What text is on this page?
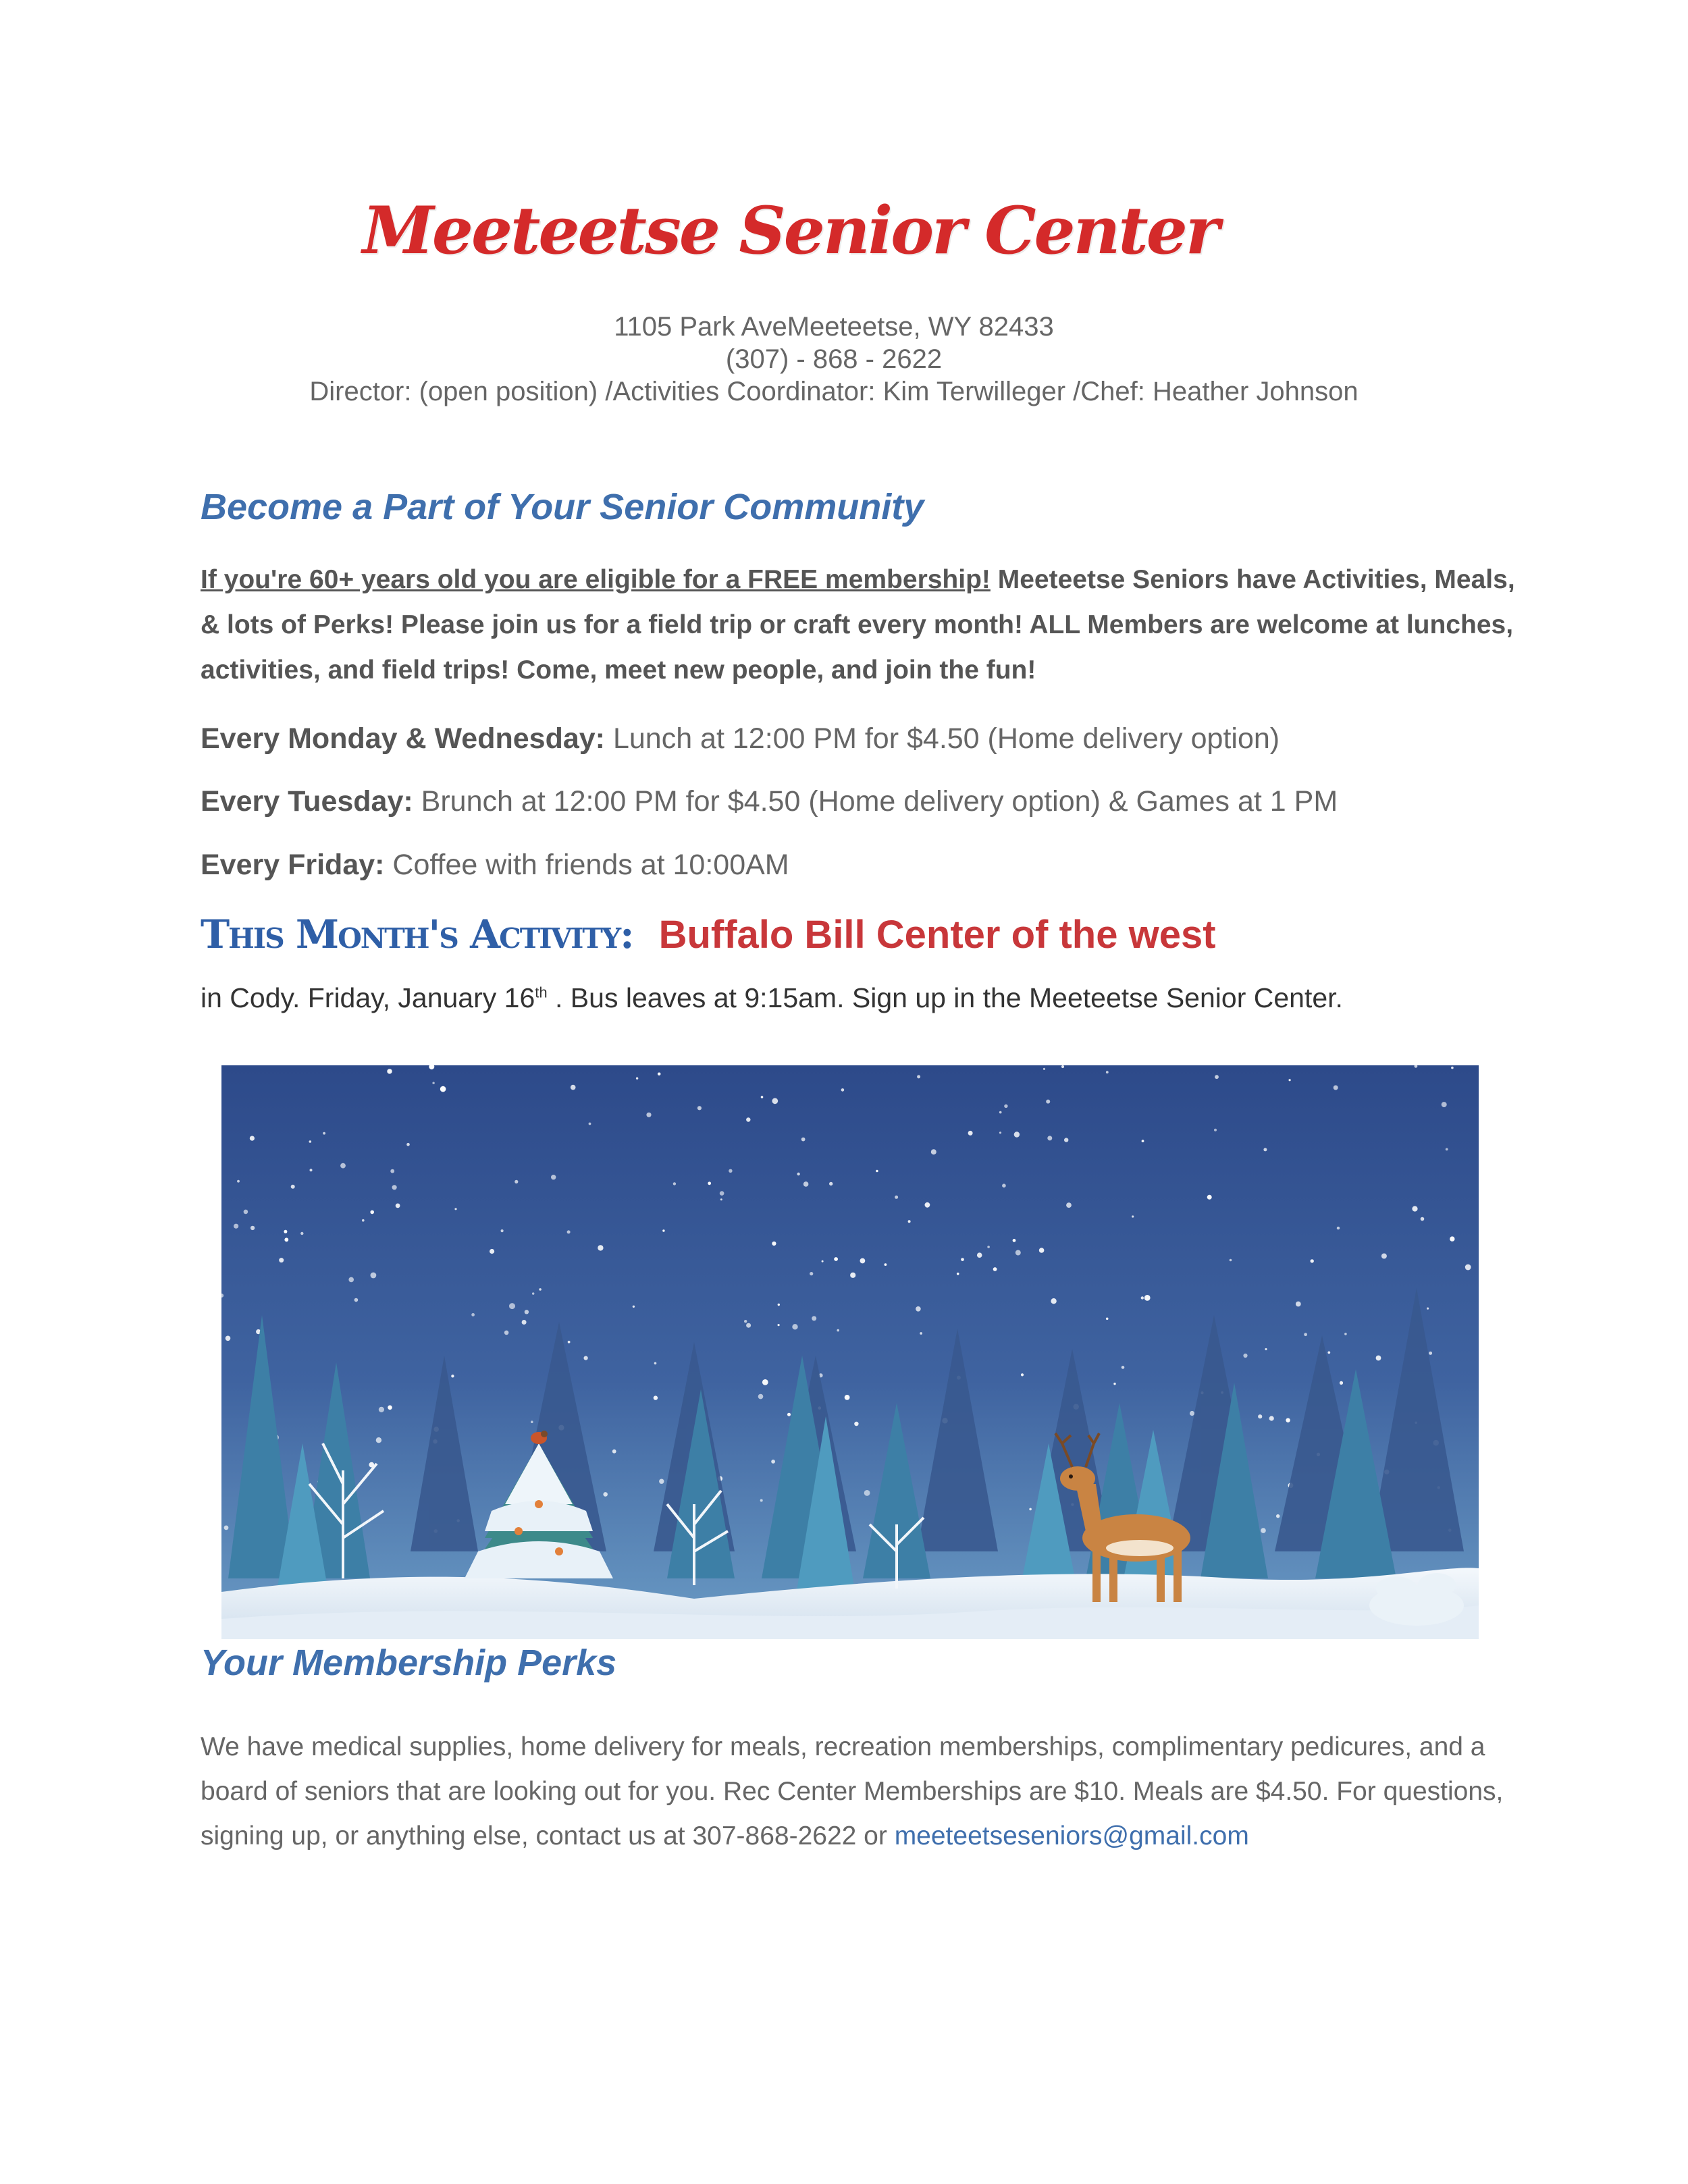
Meeteetse Senior Center
1105 Park AveMeeteetse, WY 82433
(307) - 868 - 2622
Director: (open position) /Activities Coordinator: Kim Terwilleger /Chef: Heather Johnson
Become a Part of Your Senior Community
If you're 60+ years old you are eligible for a FREE membership! Meeteetse Seniors have Activities, Meals, & lots of Perks! Please join us for a field trip or craft every month! ALL Members are welcome at lunches, activities, and field trips! Come, meet new people, and join the fun!
Every Monday & Wednesday: Lunch at 12:00 PM for $4.50 (Home delivery option)
Every Tuesday: Brunch at 12:00 PM for $4.50 (Home delivery option) & Games at 1 PM
Every Friday: Coffee with friends at 10:00AM
This Month's Activity: Buffalo Bill Center of the west
in Cody. Friday, January 16th . Bus leaves at 9:15am. Sign up in the Meeteetse Senior Center.
Your Membership Perks
We have medical supplies, home delivery for meals, recreation memberships, complimentary pedicures, and a board of seniors that are looking out for you. Rec Center Memberships are $10. Meals are $4.50. For questions, signing up, or anything else, contact us at 307-868-2622 or meeteetseseniors@gmail.com
